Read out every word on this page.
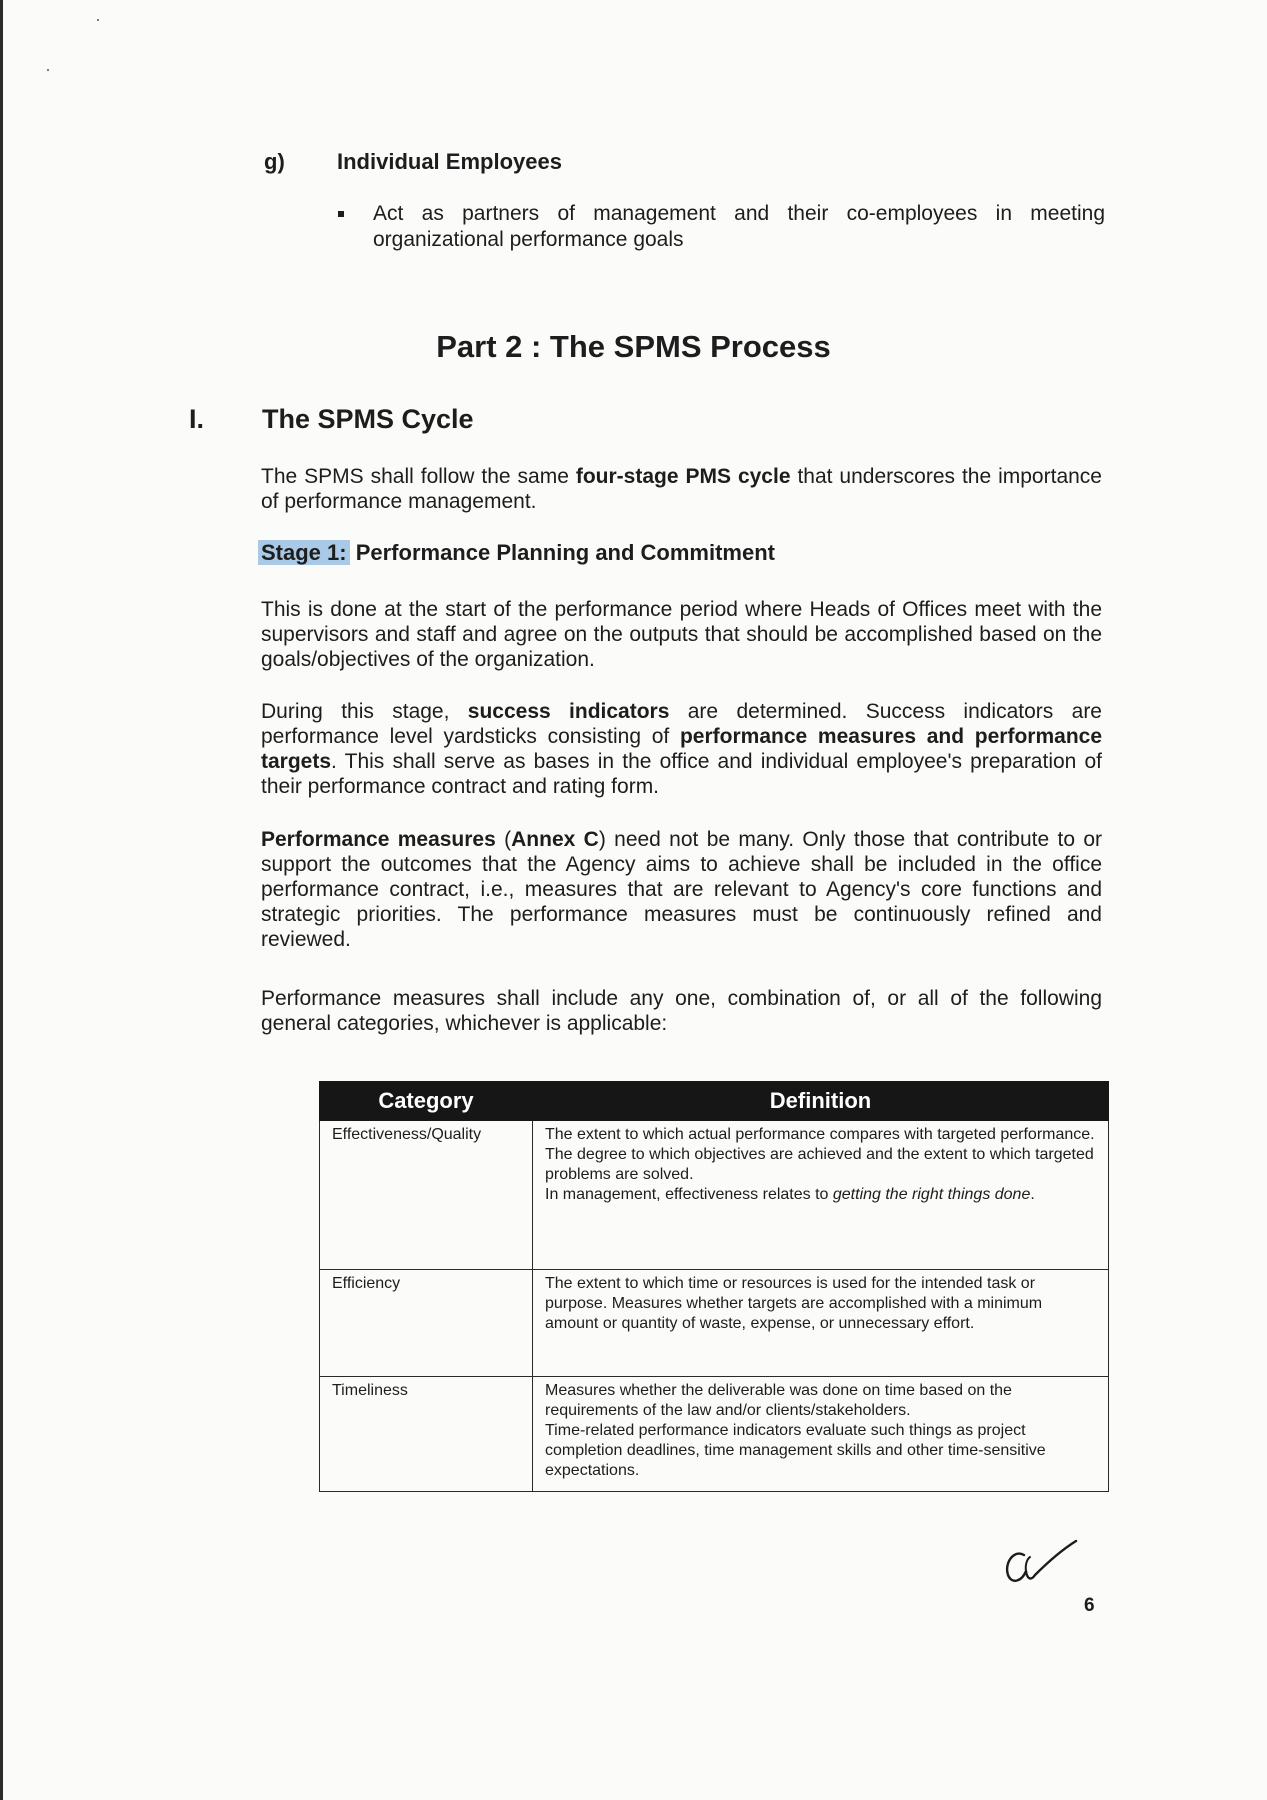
g) Individual Employees
Act as partners of management and their co-employees in meeting organizational performance goals
Part 2 : The SPMS Process
I. The SPMS Cycle
The SPMS shall follow the same four-stage PMS cycle that underscores the importance of performance management.
Stage 1: Performance Planning and Commitment
This is done at the start of the performance period where Heads of Offices meet with the supervisors and staff and agree on the outputs that should be accomplished based on the goals/objectives of the organization.
During this stage, success indicators are determined. Success indicators are performance level yardsticks consisting of performance measures and performance targets. This shall serve as bases in the office and individual employee's preparation of their performance contract and rating form.
Performance measures (Annex C) need not be many. Only those that contribute to or support the outcomes that the Agency aims to achieve shall be included in the office performance contract, i.e., measures that are relevant to Agency's core functions and strategic priorities. The performance measures must be continuously refined and reviewed.
Performance measures shall include any one, combination of, or all of the following general categories, whichever is applicable:
Category	Definition
Effectiveness/Quality	The extent to which actual performance compares with targeted performance.
The degree to which objectives are achieved and the extent to which targeted problems are solved.
In management, effectiveness relates to getting the right things done.

Efficiency	The extent to which time or resources is used for the intended task or purpose. Measures whether targets are accomplished with a minimum amount or quantity of waste, expense, or unnecessary effort.

Timeliness	Measures whether the deliverable was done on time based on the requirements of the law and/or clients/stakeholders.
Time-related performance indicators evaluate such things as project completion deadlines, time management skills and other time-sensitive expectations.
6
